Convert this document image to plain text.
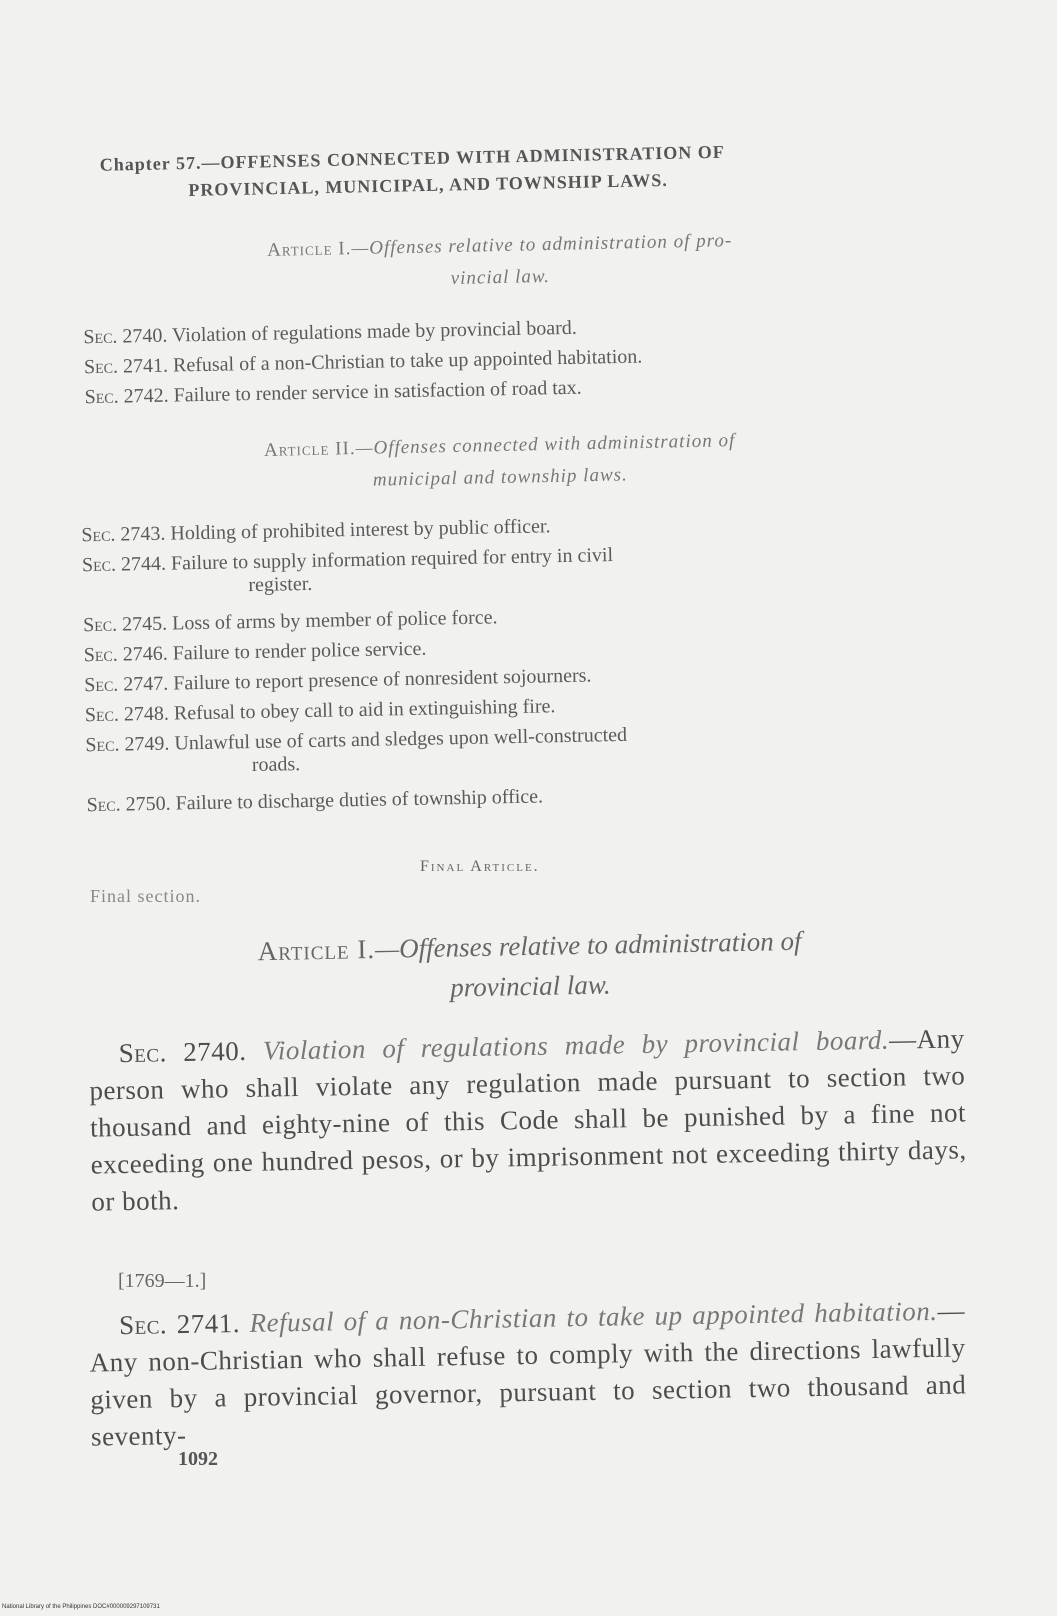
Chapter 57.—OFFENSES CONNECTED WITH ADMINISTRATION OF
PROVINCIAL, MUNICIPAL, AND TOWNSHIP LAWS.
Article I.—Offenses relative to administration of pro-
vincial law.
Sec. 2740. Violation of regulations made by provincial board.
Sec. 2741. Refusal of a non-Christian to take up appointed habitation.
Sec. 2742. Failure to render service in satisfaction of road tax.
Article II.—Offenses connected with administration of
municipal and township laws.
Sec. 2743. Holding of prohibited interest by public officer.
Sec. 2744. Failure to supply information required for entry in civil
register.
Sec. 2745. Loss of arms by member of police force.
Sec. 2746. Failure to render police service.
Sec. 2747. Failure to report presence of nonresident sojourners.
Sec. 2748. Refusal to obey call to aid in extinguishing fire.
Sec. 2749. Unlawful use of carts and sledges upon well-constructed
roads.
Sec. 2750. Failure to discharge duties of township office.
Final Article.
Final section.
Article I.—Offenses relative to administration of
provincial law.

Sec. 2740. Violation of regulations made by provincial board.—Any person who shall violate any regulation made pursuant to section two thousand and eighty-nine of this Code shall be punished by a fine not exceeding one hundred pesos, or by imprisonment not exceeding thirty days, or both.

[1769—1.]

Sec. 2741. Refusal of a non-Christian to take up appointed habitation.—Any non-Christian who shall refuse to comply with the directions lawfully given by a provincial governor, pursuant to section two thousand and seventy-

1092
National Library of the Philippines DOC#000009297109731
